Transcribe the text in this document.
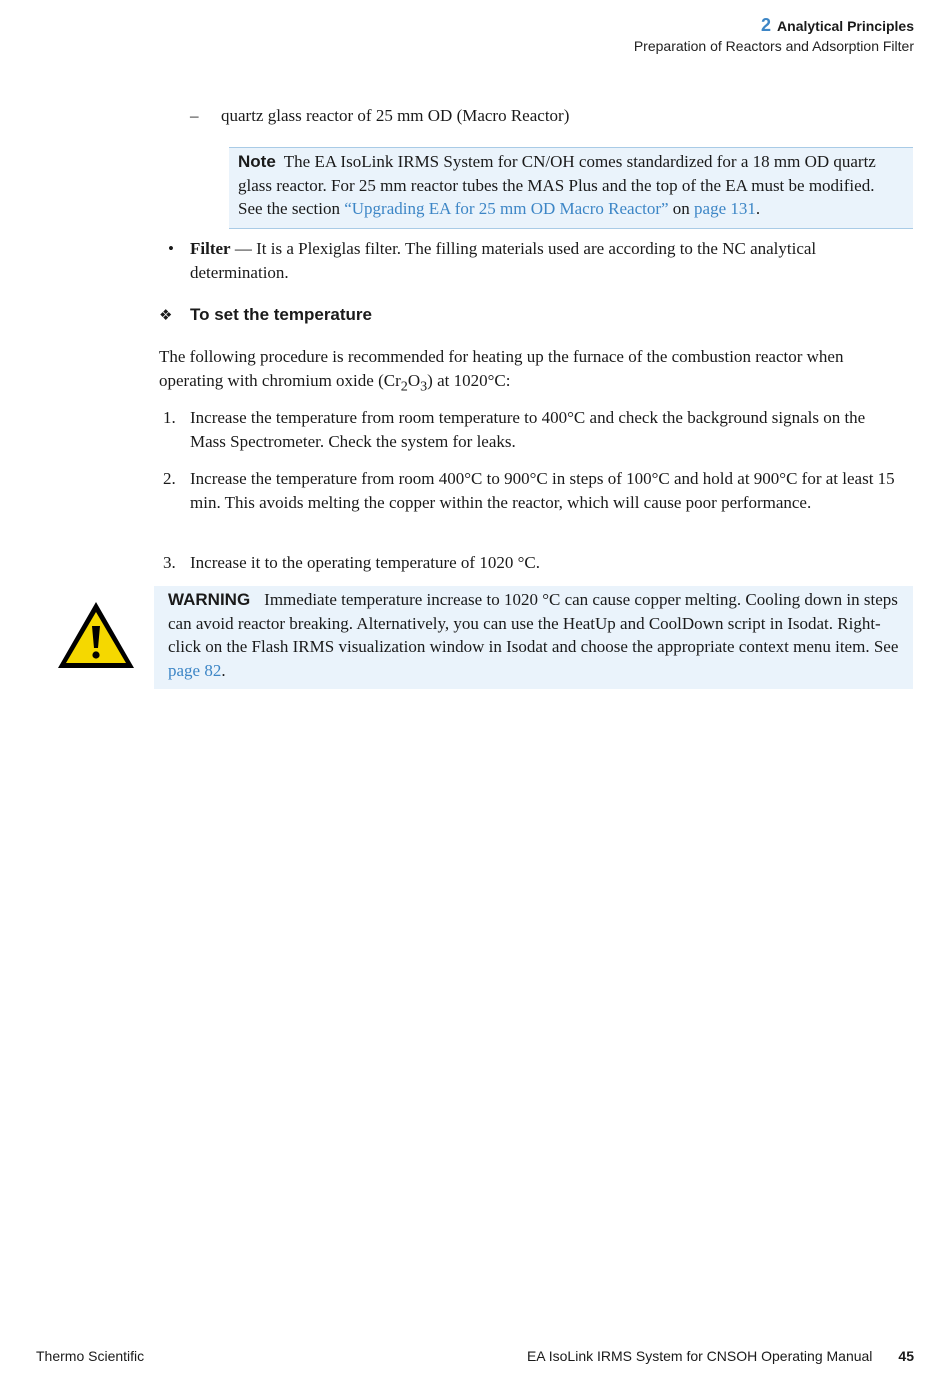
2 Analytical Principles
Preparation of Reactors and Adsorption Filter
– quartz glass reactor of 25 mm OD (Macro Reactor)
Note The EA IsoLink IRMS System for CN/OH comes standardized for a 18 mm OD quartz glass reactor. For 25 mm reactor tubes the MAS Plus and the top of the EA must be modified. See the section “Upgrading EA for 25 mm OD Macro Reactor” on page 131.
• Filter — It is a Plexiglas filter. The filling materials used are according to the NC analytical determination.
❖ To set the temperature
The following procedure is recommended for heating up the furnace of the combustion reactor when operating with chromium oxide $(Cr_2O_3)$ at 1020°C:
1. Increase the temperature from room temperature to 400°C and check the background signals on the Mass Spectrometer. Check the system for leaks.
2. Increase the temperature from room 400°C to 900°C in steps of 100°C and hold at 900°C for at least 15 min. This avoids melting the copper within the reactor, which will cause poor performance.
3. Increase it to the operating temperature of 1020 °C.
WARNING Immediate temperature increase to 1020 °C can cause copper melting. Cooling down in steps can avoid reactor breaking. Alternatively, you can use the HeatUp and CoolDown script in Isodat. Right-click on the Flash IRMS visualization window in Isodat and choose the appropriate context menu item. See page 82.
Thermo Scientific	EA IsoLink IRMS System for CNSOH Operating Manual 45
